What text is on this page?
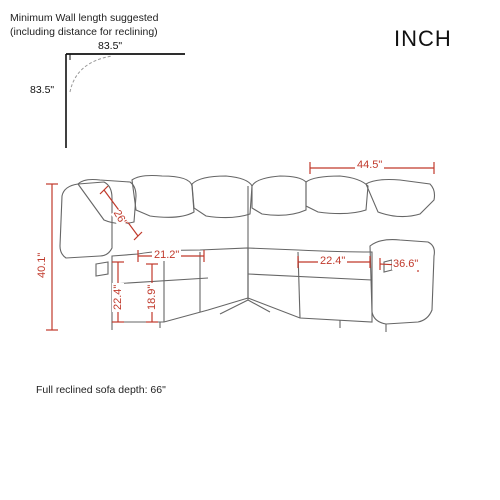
Minimum Wall length suggested
(including distance for reclining)	INCH
83.5"
83.5"
44.5"
40.1"
26"
21.2"	22.4"	36.6"
22.4" 18.9"
Full reclined sofa depth: 66"
